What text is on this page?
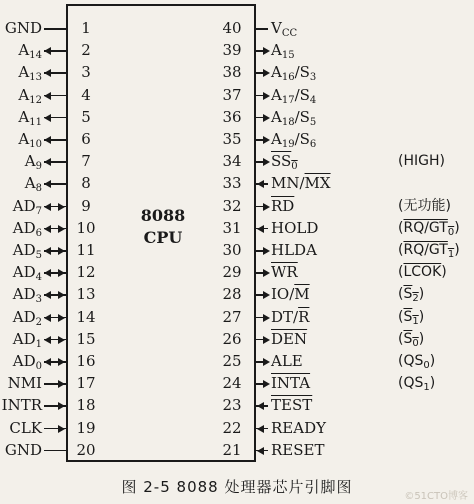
8088
CPU
图 2-5 8088 处理器芯片引脚图
©51CTO博客
GND	1
$A_{14}$	2
$A_{13}$	3
$A_{12}$	4
$A_{11}$	5
$A_{10}$	6
$A_9$	7
$A_8$	8
$AD_7$	9
$AD_6$ 10
$AD_5$ 11
$AD_4$ 12
$AD_3$ 13
$AD_2$ 14
$AD_1$ 15
$AD_0$ 16
NMI 17
INTR 18
CLK 19
GND 20
40 $V_{CC}$
39 $A_{15}$
38 $A_{16}/S_3$
37 $A_{17}/S_4$
36 $A_{18}/S_5$
35 $A_{19}/S_6$
34 $SS_0$	(HIGH)
33 $MN/\overline{MX}$
32 $\overline{RD}$	(无功能)
31 HOLD	$(RQ/GT_0)$
30 HLDA	$(RQ/GT_1)$
29 $\overline{WR}$	(LCOK)
28 $IO/\overline{M}$	$(S_2)$
27 $DT/\overline{R}$	$(S_1)$
26 $\overline{DEN}$	$(S_0)$
25 ALE	$(QS_0)$
24 INTA	$(QS_1)$
23 TEST
22 READY
21 RESET
